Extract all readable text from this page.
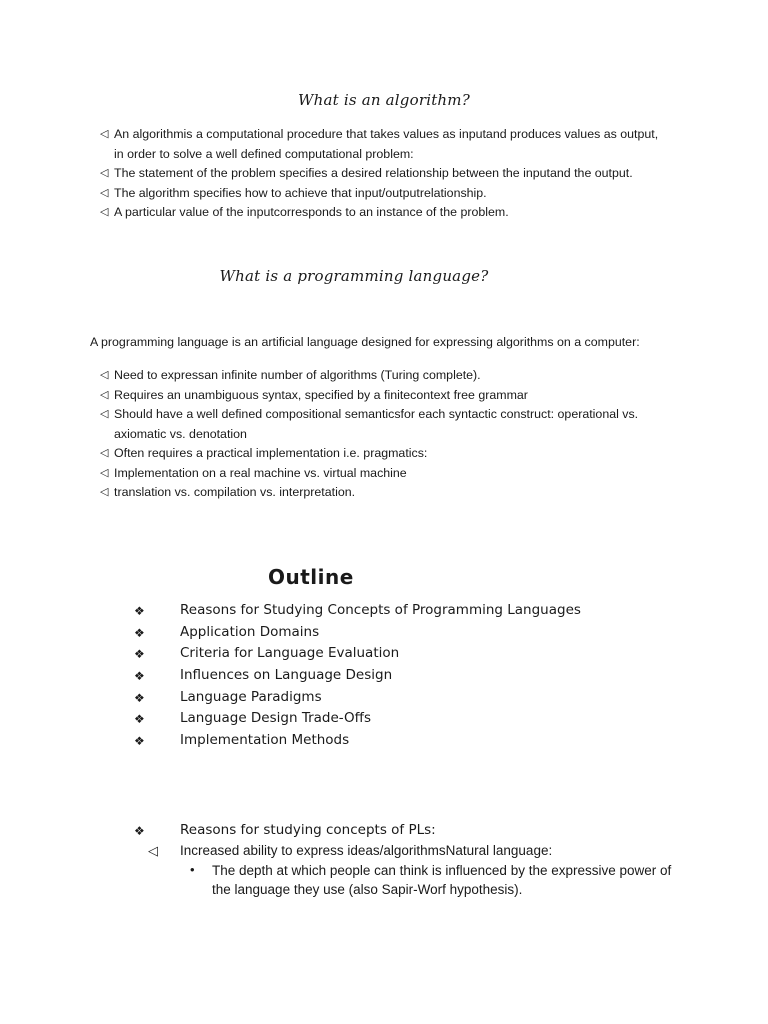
What is an algorithm?
◁ An algorithmis a computational procedure that takes values as inputand produces values as output,
in order to solve a well defined computational problem:
◁ The statement of the problem specifies a desired relationship between the inputand the output.
◁ The algorithm specifies how to achieve that input/outputrelationship.
◁ A particular value of the inputcorresponds to an instance of the problem.
What is a programming language?
A programming language is an artificial language designed for expressing algorithms on a computer:
◁ Need to expressan infinite number of algorithms (Turing complete).
◁ Requires an unambiguous syntax, specified by a finitecontext free grammar
◁ Should have a well defined compositional semanticsfor each syntactic construct: operational vs.
axiomatic vs. denotation
◁ Often requires a practical implementation i.e. pragmatics:
◁ Implementation on a real machine vs. virtual machine
◁ translation vs. compilation vs. interpretation.
Outline
❖	Reasons for Studying Concepts of Programming Languages
❖	Application Domains
❖	Criteria for Language Evaluation
❖	Influences on Language Design
❖	Language Paradigms
❖	Language Design Trade-Offs
❖	Implementation Methods
❖	Reasons for studying concepts of PLs:
◁ Increased ability to express ideas/algorithmsNatural language:
• The depth at which people can think is influenced by the expressive power of the language they use (also Sapir-Worf hypothesis).
